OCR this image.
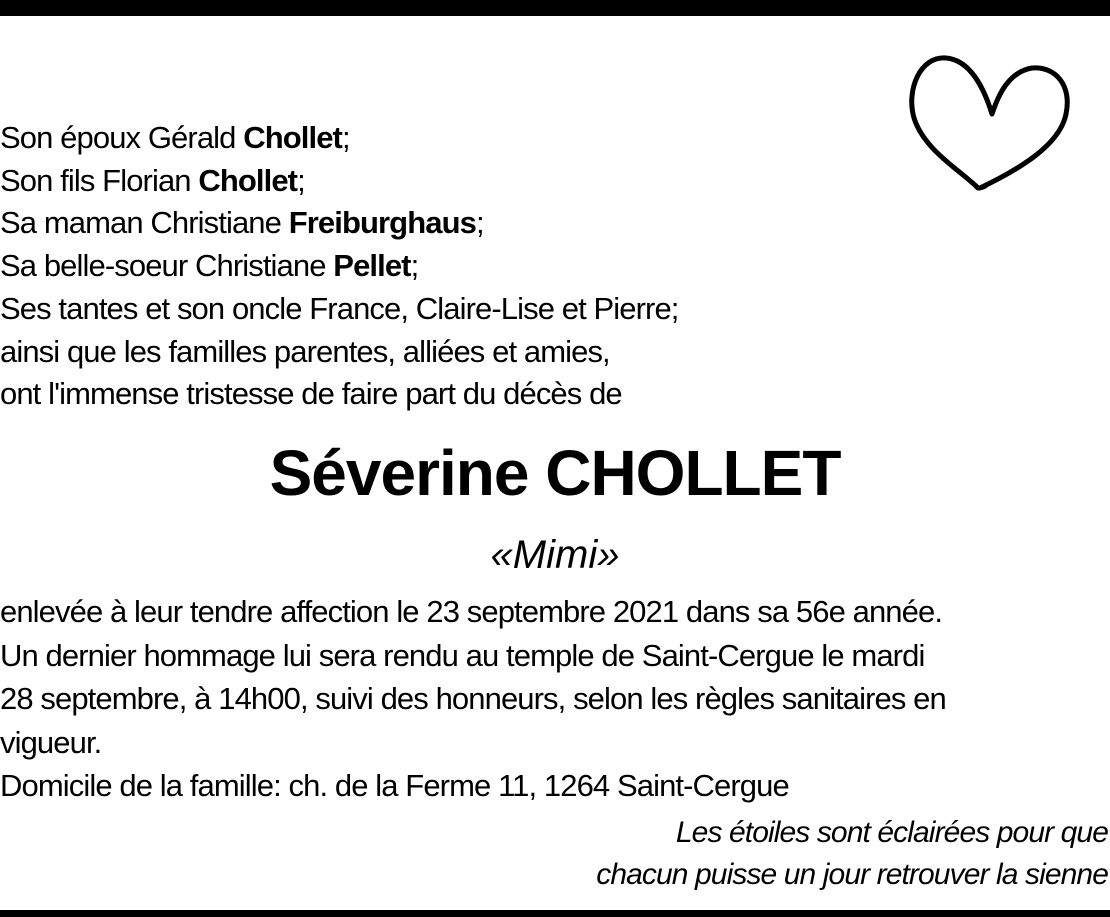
Son époux Gérald Chollet;
Son fils Florian Chollet;
Sa maman Christiane Freiburghaus;
Sa belle-soeur Christiane Pellet;
Ses tantes et son oncle France, Claire-Lise et Pierre;
ainsi que les familles parentes, alliées et amies,
ont l'immense tristesse de faire part du décès de
Séverine CHOLLET
«Mimi»
enlevée à leur tendre affection le 23 septembre 2021 dans sa 56e année.
Un dernier hommage lui sera rendu au temple de Saint-Cergue le mardi
28 septembre, à 14h00, suivi des honneurs, selon les règles sanitaires en
vigueur.
Domicile de la famille: ch. de la Ferme 11, 1264 Saint-Cergue
Les étoiles sont éclairées pour que
chacun puisse un jour retrouver la sienne
